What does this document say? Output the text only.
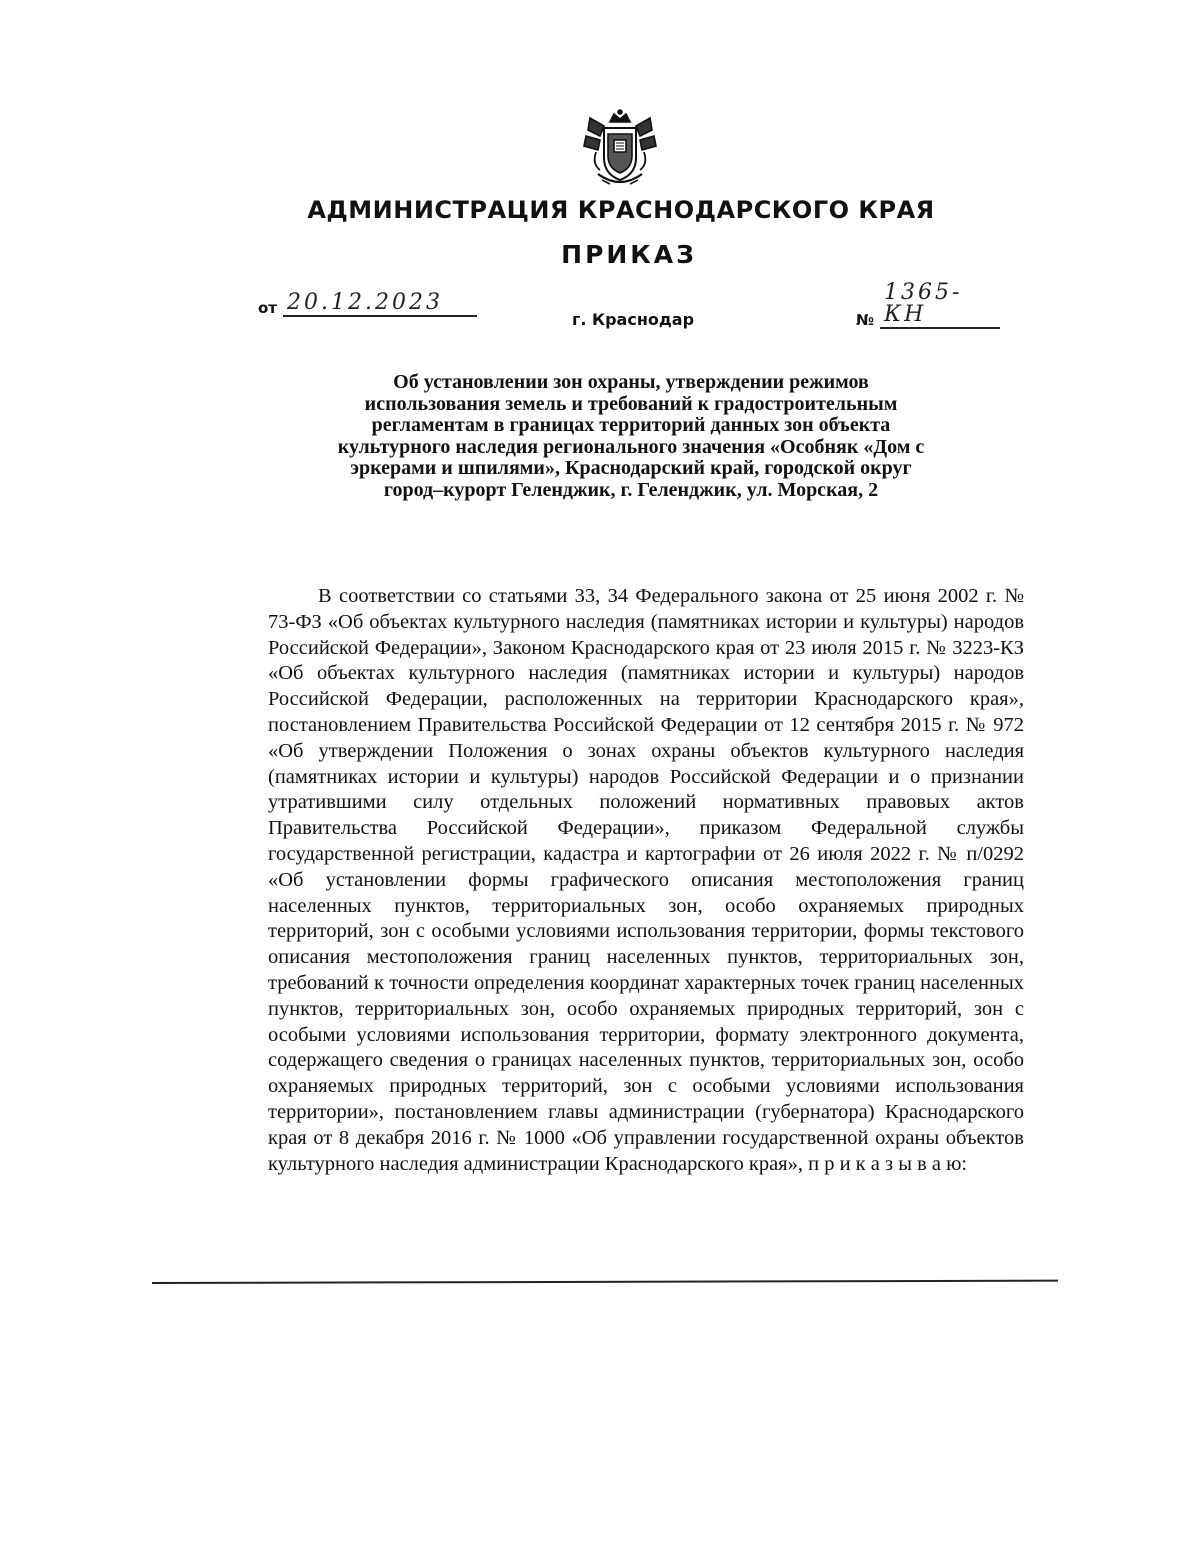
АДМИНИСТРАЦИЯ КРАСНОДАРСКОГО КРАЯ
ПРИКАЗ
от 20.12.2023
№
1365-КН
г. Краснодар
Об установлении зон охраны, утверждении режимов использования земель и требований к градостроительным регламентам в границах территорий данных зон объекта культурного наследия регионального значения «Особняк «Дом с эркерами и шпилями», Краснодарский край, городской округ город–курорт Геленджик, г. Геленджик, ул. Морская, 2
В соответствии со статьями 33, 34 Федерального закона от 25 июня 2002 г. № 73-ФЗ «Об объектах культурного наследия (памятниках истории и культуры) народов Российской Федерации», Законом Краснодарского края от 23 июля 2015 г. № 3223-КЗ «Об объектах культурного наследия (памятниках истории и культуры) народов Российской Федерации, расположенных на территории Краснодарского края», постановлением Правительства Российской Федерации от 12 сентября 2015 г. № 972 «Об утверждении Положения о зонах охраны объектов культурного наследия (памятниках истории и культуры) народов Российской Федерации и о признании утратившими силу отдельных положений нормативных правовых актов Правительства Российской Федерации», приказом Федеральной службы государственной регистрации, кадастра и картографии от 26 июля 2022 г. № п/0292 «Об установлении формы графического описания местоположения границ населенных пунктов, территориальных зон, особо охраняемых природных территорий, зон с особыми условиями использования территории, формы текстового описания местоположения границ населенных пунктов, территориальных зон, требований к точности определения координат характерных точек границ населенных пунктов, территориальных зон, особо охраняемых природных территорий, зон с особыми условиями использования территории, формату электронного документа, содержащего сведения о границах населенных пунктов, территориальных зон, особо охраняемых природных территорий, зон с особыми условиями использования территории», постановлением главы администрации (губернатора) Краснодарского края от 8 декабря 2016 г. № 1000 «Об управлении государственной охраны объектов культурного наследия администрации Краснодарского края», п р и к а з ы в а ю:
